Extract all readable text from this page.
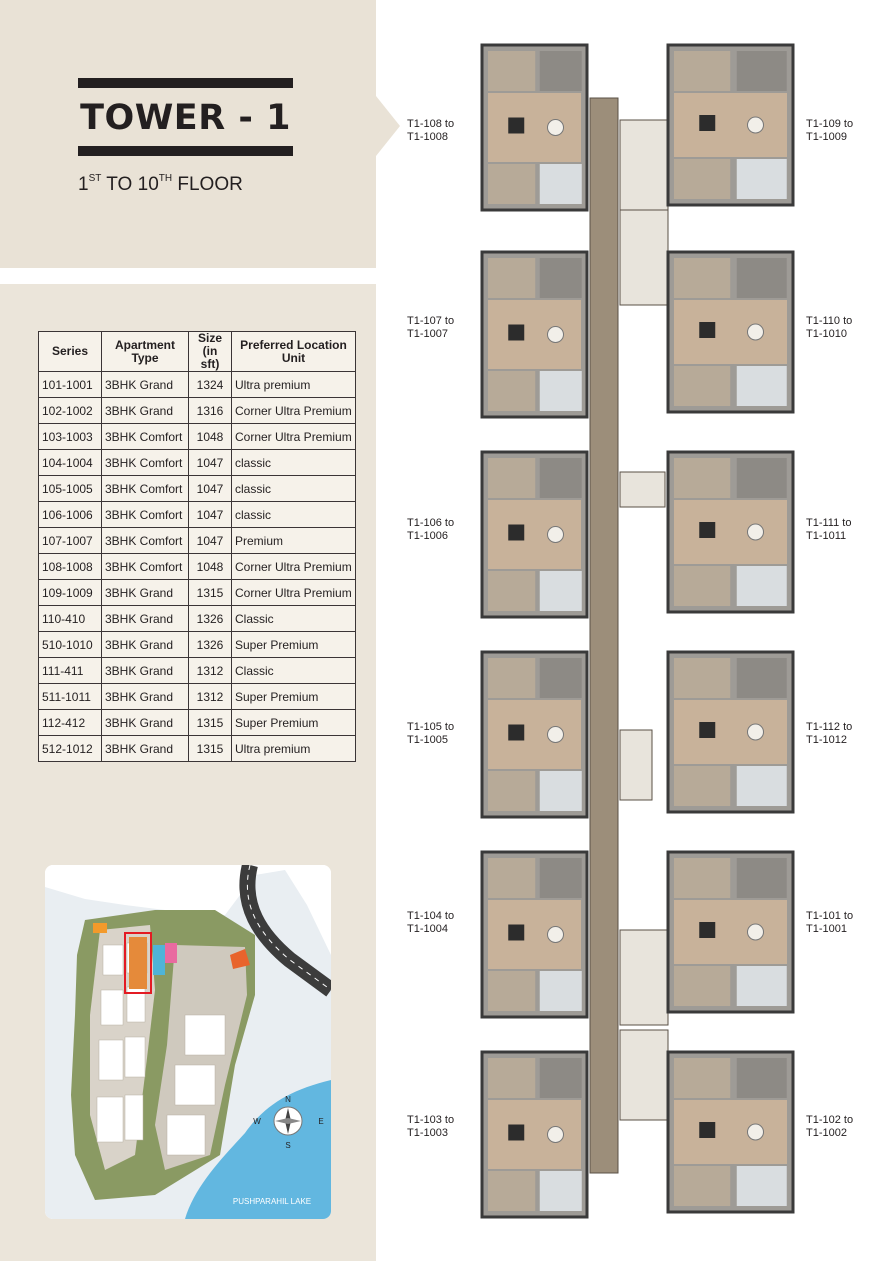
TOWER - 1
1ST TO 10TH FLOOR
Series	Apartment Type	Size (in sft)	Preferred Location Unit
101-1001	3BHK Grand	1324	Ultra premium
102-1002	3BHK Grand	1316	Corner Ultra Premium
103-1003	3BHK Comfort	1048	Corner Ultra Premium
104-1004	3BHK Comfort	1047	classic
105-1005	3BHK Comfort	1047	classic
106-1006	3BHK Comfort	1047	classic
107-1007	3BHK Comfort	1047	Premium
108-1008	3BHK Comfort	1048	Corner Ultra Premium
109-1009	3BHK Grand	1315	Corner Ultra Premium
110-410	3BHK Grand	1326	Classic
510-1010	3BHK Grand	1326	Super Premium
111-411	3BHK Grand	1312	Classic
511-1011	3BHK Grand	1312	Super Premium
112-412	3BHK Grand	1315	Super Premium
512-1012	3BHK Grand	1315	Ultra premium
N
S
E
W
PUSHPARAHIL LAKE
T1-108 to
T1-1008
T1-107 to
T1-1007
T1-106 to
T1-1006
T1-105 to
T1-1005
T1-104 to
T1-1004
T1-103 to
T1-1003
T1-109 to
T1-1009
T1-110 to
T1-1010
T1-111 to
T1-1011
T1-112 to
T1-1012
T1-101 to
T1-1001
T1-102 to
T1-1002
